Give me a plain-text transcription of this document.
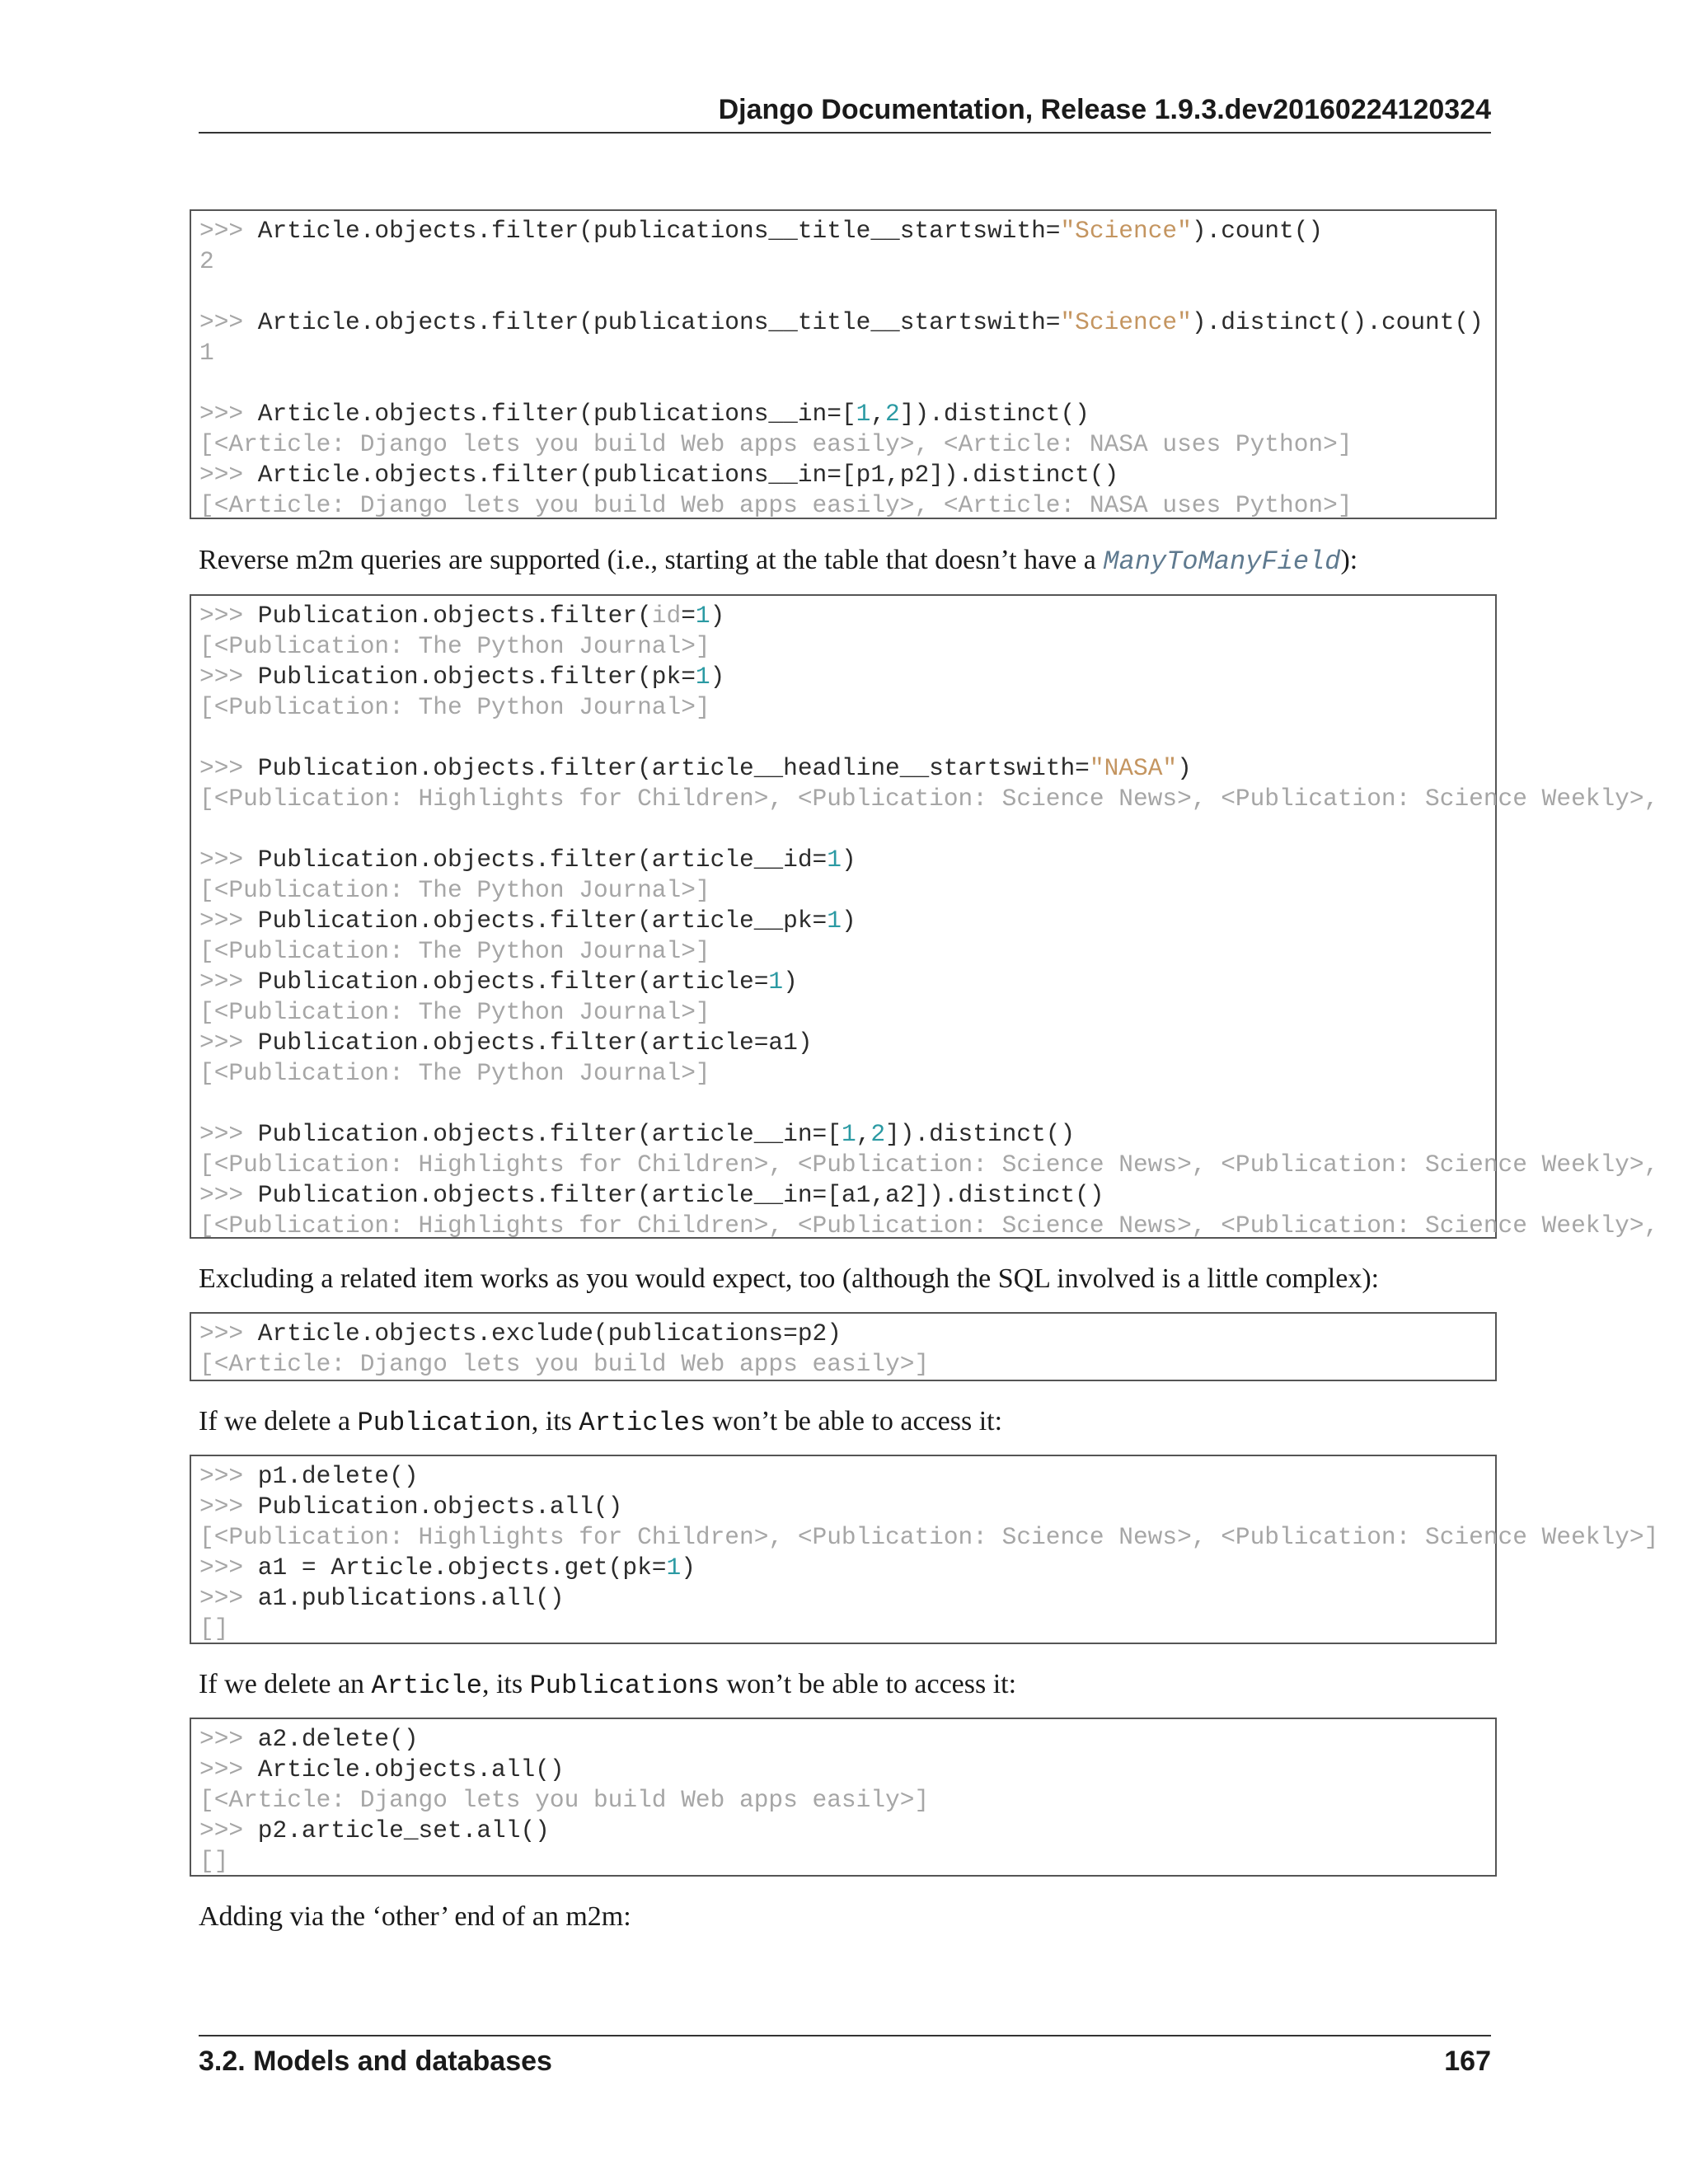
Django Documentation, Release 1.9.3.dev20160224120324
>>> Article.objects.filter(publications__title__startswith="Science").count()
2

>>> Article.objects.filter(publications__title__startswith="Science").distinct().count()
1

>>> Article.objects.filter(publications__in=[1,2]).distinct()
[<Article: Django lets you build Web apps easily>, <Article: NASA uses Python>]
>>> Article.objects.filter(publications__in=[p1,p2]).distinct()
[<Article: Django lets you build Web apps easily>, <Article: NASA uses Python>]
Reverse m2m queries are supported (i.e., starting at the table that doesn’t have a ManyToManyField):
>>> Publication.objects.filter(id=1)
[<Publication: The Python Journal>]
>>> Publication.objects.filter(pk=1)
[<Publication: The Python Journal>]

>>> Publication.objects.filter(article__headline__startswith="NASA")
[<Publication: Highlights for Children>, <Publication: Science News>, <Publication: Science Weekly>,

>>> Publication.objects.filter(article__id=1)
[<Publication: The Python Journal>]
>>> Publication.objects.filter(article__pk=1)
[<Publication: The Python Journal>]
>>> Publication.objects.filter(article=1)
[<Publication: The Python Journal>]
>>> Publication.objects.filter(article=a1)
[<Publication: The Python Journal>]

>>> Publication.objects.filter(article__in=[1,2]).distinct()
[<Publication: Highlights for Children>, <Publication: Science News>, <Publication: Science Weekly>,
>>> Publication.objects.filter(article__in=[a1,a2]).distinct()
[<Publication: Highlights for Children>, <Publication: Science News>, <Publication: Science Weekly>,
Excluding a related item works as you would expect, too (although the SQL involved is a little complex):
>>> Article.objects.exclude(publications=p2)
[<Article: Django lets you build Web apps easily>]
If we delete a Publication, its Articles won’t be able to access it:
>>> p1.delete()
>>> Publication.objects.all()
[<Publication: Highlights for Children>, <Publication: Science News>, <Publication: Science Weekly>]
>>> a1 = Article.objects.get(pk=1)
>>> a1.publications.all()
[]
If we delete an Article, its Publications won’t be able to access it:
>>> a2.delete()
>>> Article.objects.all()
[<Article: Django lets you build Web apps easily>]
>>> p2.article_set.all()
[]
Adding via the ‘other’ end of an m2m:
3.2. Models and databases	167
